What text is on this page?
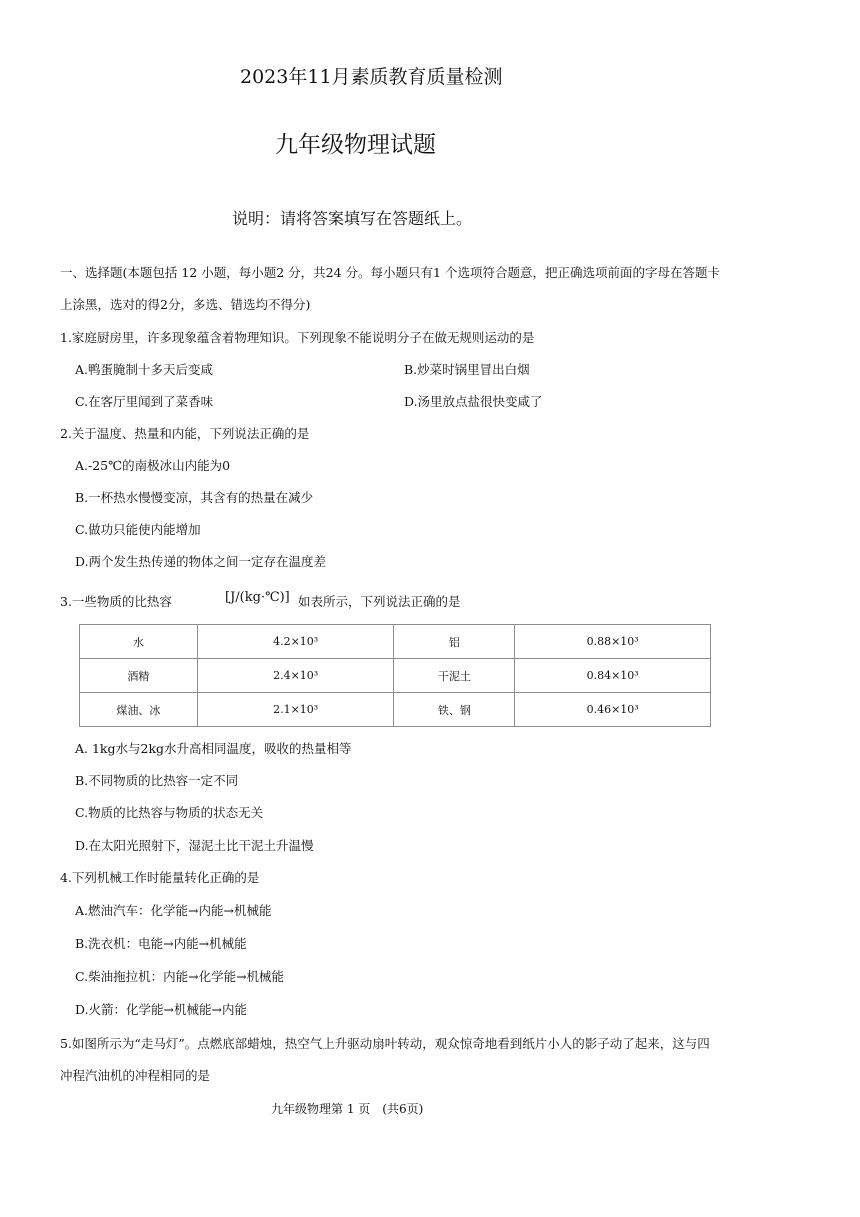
2023年11月素质教育质量检测
九年级物理试题
说明：请将答案填写在答题纸上。
一、选择题(本题包括 12 小题，每小题2 分，共24 分。每小题只有1 个选项符合题意，把正确选项前面的字母在答题卡
上涂黑，选对的得2分，多选、错选均不得分)
1.家庭厨房里，许多现象蕴含着物理知识。下列现象不能说明分子在做无规则运动的是
A.鸭蛋腌制十多天后变咸	B.炒菜时锅里冒出白烟
C.在客厅里闻到了菜香味	D.汤里放点盐很快变咸了
2.关于温度、热量和内能，下列说法正确的是
A.-25℃的南极冰山内能为0
B.一杯热水慢慢变凉，其含有的热量在减少
C.做功只能使内能增加
D.两个发生热传递的物体之间一定存在温度差
3.一些物质的比热容	[J/(kg·℃)] 如表所示，下列说法正确的是
水	4.2×10³	铝	0.88×10³
酒精	2.4×10³	干泥土	0.84×10³
煤油、冰	2.1×10³	铁、钢	0.46×10³
A. 1kg水与2kg水升高相同温度，吸收的热量相等
B.不同物质的比热容一定不同
C.物质的比热容与物质的状态无关
D.在太阳光照射下，湿泥土比干泥土升温慢
4.下列机械工作时能量转化正确的是
A.燃油汽车：化学能→内能→机械能
B.洗衣机：电能→内能→机械能
C.柴油拖拉机：内能→化学能→机械能
D.火箭：化学能→机械能→内能
5.如图所示为“走马灯”。点燃底部蜡烛，热空气上升驱动扇叶转动，观众惊奇地看到纸片小人的影子动了起来，这与四
冲程汽油机的冲程相同的是
九年级物理第 1 页　(共6页)
